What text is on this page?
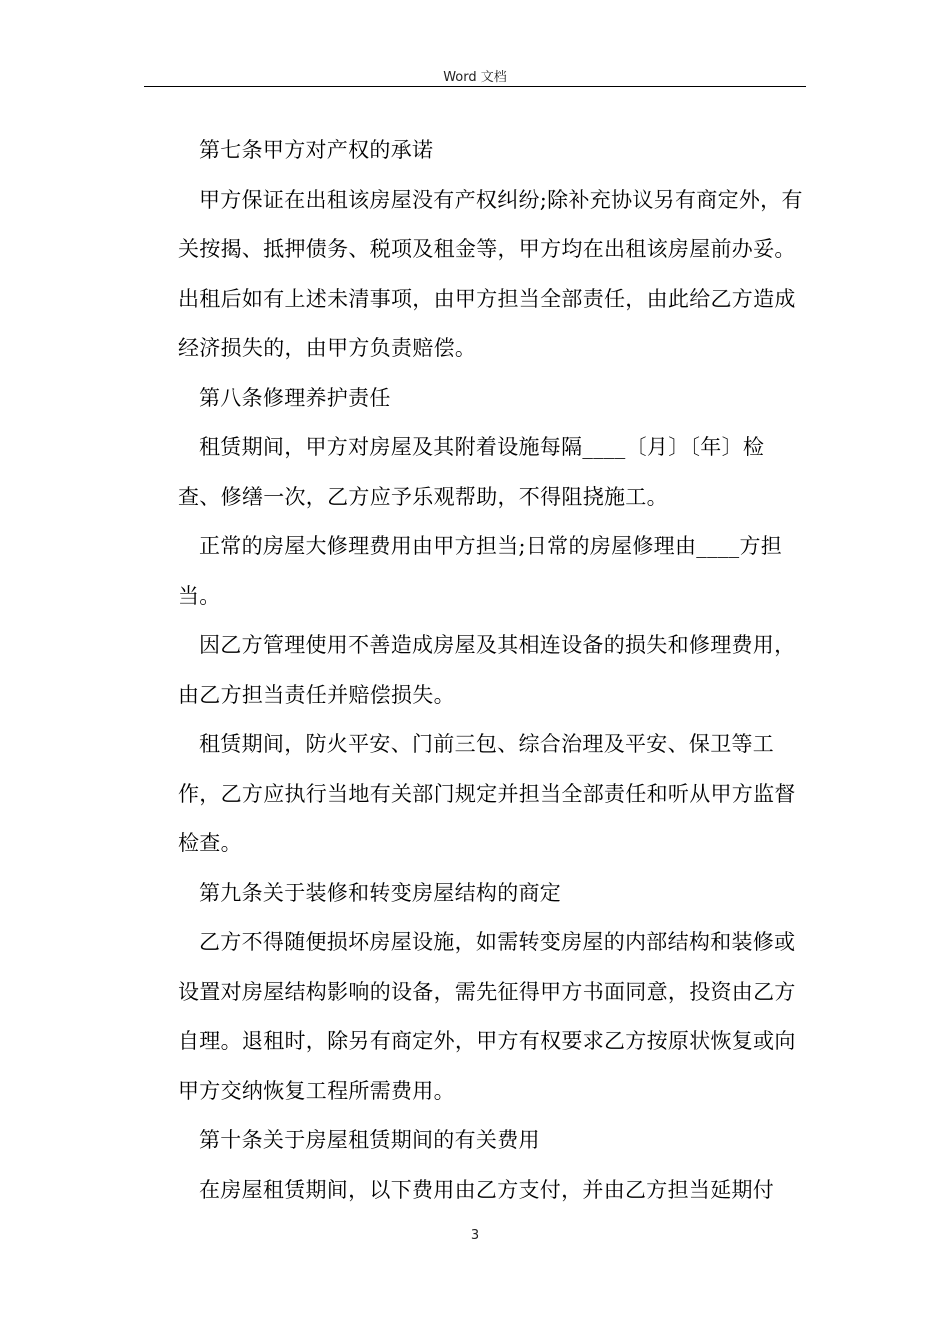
Word 文档

第七条甲方对产权的承诺

甲方保证在出租该房屋没有产权纠纷;除补充协议另有商定外，有关按揭、抵押债务、税项及租金等，甲方均在出租该房屋前办妥。出租后如有上述未清事项，由甲方担当全部责任，由此给乙方造成经济损失的，由甲方负责赔偿。

第八条修理养护责任

租赁期间，甲方对房屋及其附着设施每隔____〔月〕〔年〕检查、修缮一次，乙方应予乐观帮助，不得阻挠施工。

正常的房屋大修理费用由甲方担当;日常的房屋修理由____方担当。

因乙方管理使用不善造成房屋及其相连设备的损失和修理费用，由乙方担当责任并赔偿损失。

租赁期间，防火平安、门前三包、综合治理及平安、保卫等工作，乙方应执行当地有关部门规定并担当全部责任和听从甲方监督检查。

第九条关于装修和转变房屋结构的商定

乙方不得随便损坏房屋设施，如需转变房屋的内部结构和装修或设置对房屋结构影响的设备，需先征得甲方书面同意，投资由乙方自理。退租时，除另有商定外，甲方有权要求乙方按原状恢复或向甲方交纳恢复工程所需费用。

第十条关于房屋租赁期间的有关费用

在房屋租赁期间，以下费用由乙方支付，并由乙方担当延期付

3
